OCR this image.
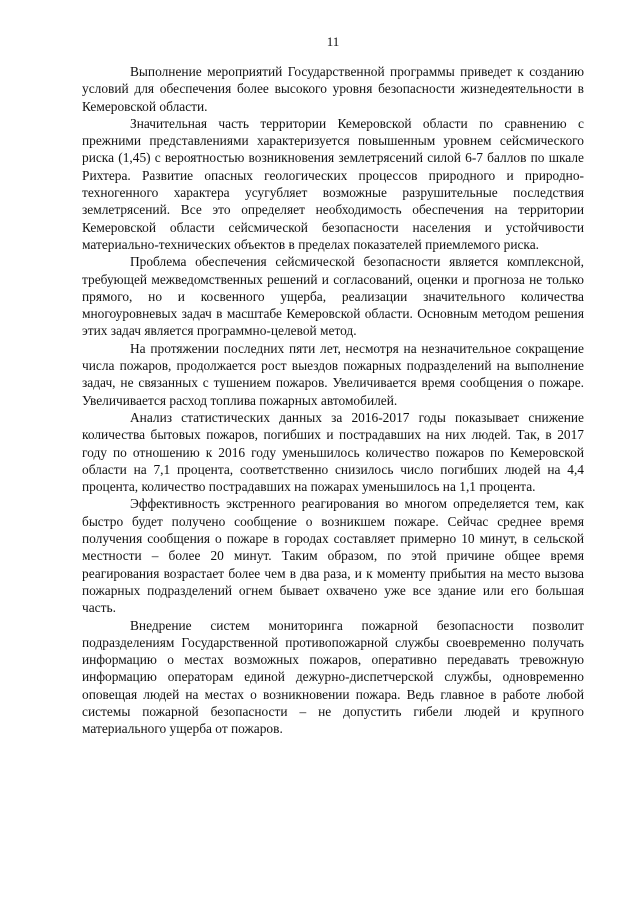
11

Выполнение мероприятий Государственной программы приведет к созданию условий для обеспечения более высокого уровня безопасности жизнедеятельности в Кемеровской области.

Значительная часть территории Кемеровской области по сравнению с прежними представлениями характеризуется повышенным уровнем сейсмического риска (1,45) с вероятностью возникновения землетрясений силой 6-7 баллов по шкале Рихтера. Развитие опасных геологических процессов природного и природно-техногенного характера усугубляет возможные разрушительные последствия землетрясений. Все это определяет необходимость обеспечения на территории Кемеровской области сейсмической безопасности населения и устойчивости материально-технических объектов в пределах показателей приемлемого риска.

Проблема обеспечения сейсмической безопасности является комплексной, требующей межведомственных решений и согласований, оценки и прогноза не только прямого, но и косвенного ущерба, реализации значительного количества многоуровневых задач в масштабе Кемеровской области. Основным методом решения этих задач является программно-целевой метод.

На протяжении последних пяти лет, несмотря на незначительное сокращение числа пожаров, продолжается рост выездов пожарных подразделений на выполнение задач, не связанных с тушением пожаров. Увеличивается время сообщения о пожаре. Увеличивается расход топлива пожарных автомобилей.

Анализ статистических данных за 2016-2017 годы показывает снижение количества бытовых пожаров, погибших и пострадавших на них людей. Так, в 2017 году по отношению к 2016 году уменьшилось количество пожаров по Кемеровской области на 7,1 процента, соответственно снизилось число погибших людей на 4,4 процента, количество пострадавших на пожарах уменьшилось на 1,1 процента.

Эффективность экстренного реагирования во многом определяется тем, как быстро будет получено сообщение о возникшем пожаре. Сейчас среднее время получения сообщения о пожаре в городах составляет примерно 10 минут, в сельской местности – более 20 минут. Таким образом, по этой причине общее время реагирования возрастает более чем в два раза, и к моменту прибытия на место вызова пожарных подразделений огнем бывает охвачено уже все здание или его большая часть.

Внедрение систем мониторинга пожарной безопасности позволит подразделениям Государственной противопожарной службы своевременно получать информацию о местах возможных пожаров, оперативно передавать тревожную информацию операторам единой дежурно-диспетчерской службы, одновременно оповещая людей на местах о возникновении пожара. Ведь главное в работе любой системы пожарной безопасности – не допустить гибели людей и крупного материального ущерба от пожаров.
